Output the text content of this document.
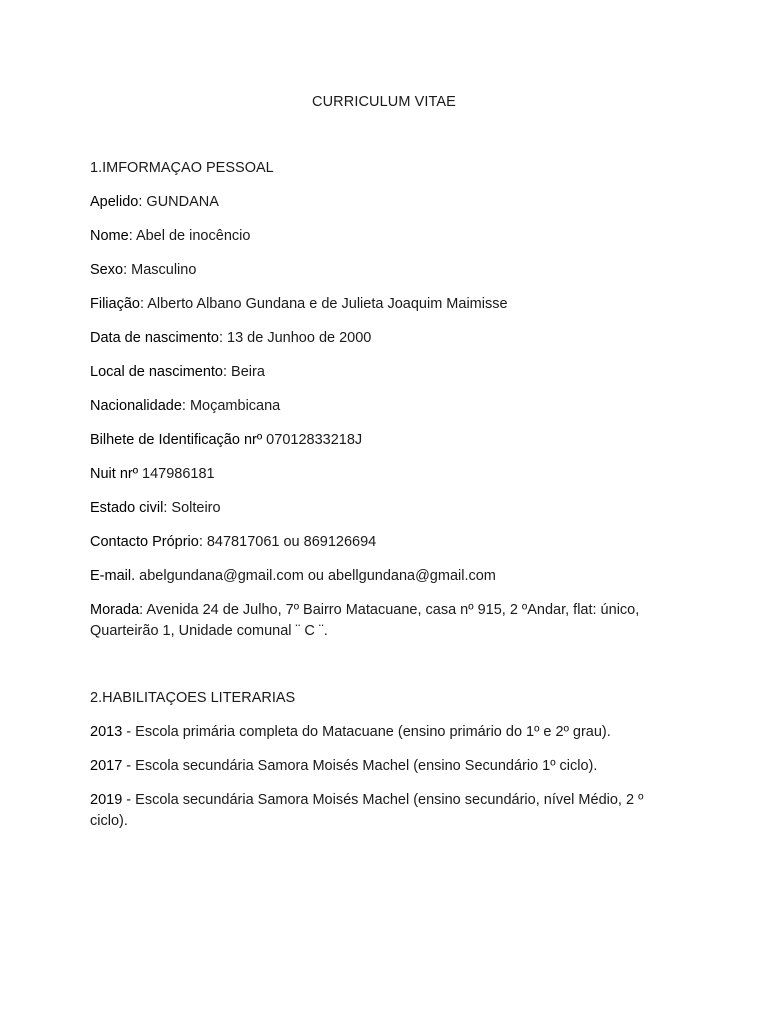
CURRICULUM VITAE
1.IMFORMAÇAO PESSOAL
Apelido: GUNDANA
Nome: Abel de inocêncio
Sexo: Masculino
Filiação: Alberto Albano Gundana e de Julieta Joaquim Maimisse
Data de nascimento: 13 de Junhoo de 2000
Local de nascimento: Beira
Nacionalidade: Moçambicana
Bilhete de Identificação nrº 07012833218J
Nuit nrº 147986181
Estado civil: Solteiro
Contacto Próprio: 847817061 ou 869126694
E-mail. abelgundana@gmail.com ou abellgundana@gmail.com
Morada: Avenida 24 de Julho, 7º Bairro Matacuane, casa nº 915, 2 ºAndar, flat: único, Quarteirão 1, Unidade comunal ¨ C ¨.
2.HABILITAÇOES LITERARIAS
2013 - Escola primária completa do Matacuane (ensino primário do 1º e 2º grau).
2017 - Escola secundária Samora Moisés Machel (ensino Secundário 1º ciclo).
2019 - Escola secundária Samora Moisés Machel (ensino secundário, nível Médio, 2 º ciclo).
